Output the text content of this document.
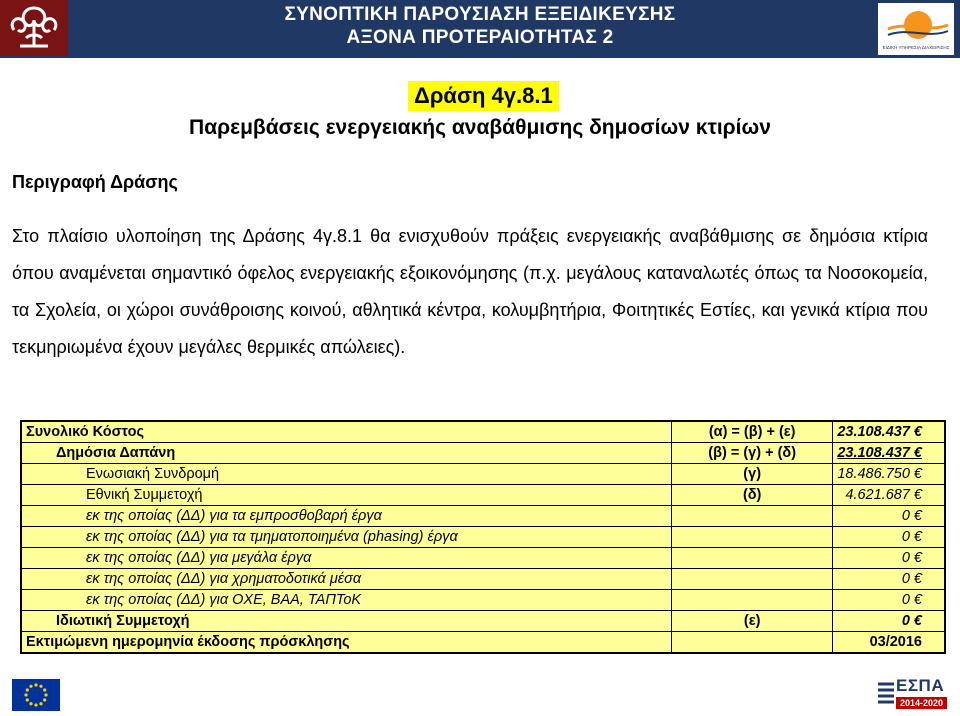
ΣΥΝΟΠΤΙΚΗ ΠΑΡΟΥΣΙΑΣΗ ΕΞΕΙΔΙΚΕΥΣΗΣ
ΑΞΟΝΑ ΠΡΟΤΕΡΑΙΟΤΗΤΑΣ 2	ΕΙΔΙΚΗ ΥΠΗΡΕΣΙΑ ΔΙΑΧΕΙΡΙΣΗΣ
Δράση 4γ.8.1
Παρεμβάσεις ενεργειακής αναβάθμισης δημοσίων κτιρίων
Περιγραφή Δράσης
Στο πλαίσιο υλοποίηση της Δράσης 4γ.8.1 θα ενισχυθούν πράξεις ενεργειακής αναβάθμισης σε δημόσια κτίρια όπου αναμένεται σημαντικό όφελος ενεργειακής εξοικονόμησης (π.χ. μεγάλους καταναλωτές όπως τα Νοσοκομεία, τα Σχολεία, οι χώροι συνάθροισης κοινού, αθλητικά κέντρα, κολυμβητήρια, Φοιτητικές Εστίες, και γενικά κτίρια που τεκμηριωμένα έχουν μεγάλες θερμικές απώλειες).
Συνολικό Κόστος	(α) = (β) + (ε)	23.108.437 €
Δημόσια Δαπάνη	(β) = (γ) + (δ)	23.108.437 €
Ενωσιακή Συνδρομή	(γ)	18.486.750 €
Εθνική Συμμετοχή	(δ)	4.621.687 €
εκ της οποίας (ΔΔ) για τα εμπροσθοβαρή έργα		0 €
εκ της οποίας (ΔΔ) για τα τμηματοποιημένα (phasing) έργα		0 €
εκ της οποίας (ΔΔ) για μεγάλα έργα		0 €
εκ της οποίας (ΔΔ) για χρηματοδοτικά μέσα		0 €
εκ της οποίας (ΔΔ) για ΟΧΕ, ΒΑΑ, ΤΑΠΤοΚ		0 €
Ιδιωτική Συμμετοχή	(ε)	0 €
Εκτιμώμενη ημερομηνία έκδοσης πρόσκλησης		03/2016
ΕΣΠΑ
2014-2020
